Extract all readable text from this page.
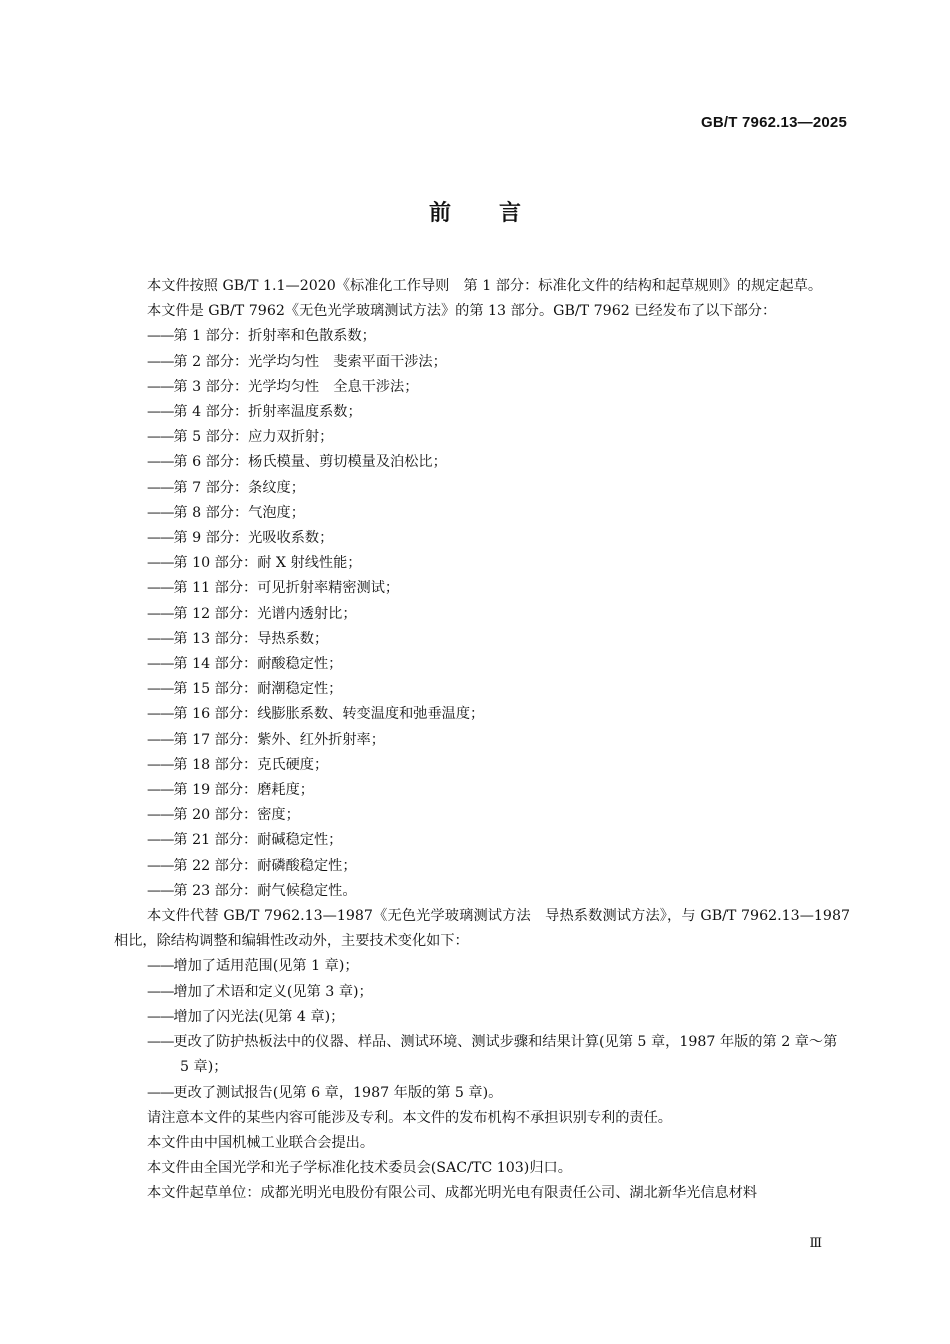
GB/T 7962.13—2025
前 言

本文件按照 GB/T 1.1—2020《标准化工作导则　第 1 部分：标准化文件的结构和起草规则》的规定起草。

本文件是 GB/T 7962《无色光学玻璃测试方法》的第 13 部分。GB/T 7962 已经发布了以下部分：

—— 第 1 部分：折射率和色散系数；

—— 第 2 部分：光学均匀性　斐索平面干涉法；

—— 第 3 部分：光学均匀性　全息干涉法；

—— 第 4 部分：折射率温度系数；

—— 第 5 部分：应力双折射；

—— 第 6 部分：杨氏模量、剪切模量及泊松比；

—— 第 7 部分：条纹度；

—— 第 8 部分：气泡度；

—— 第 9 部分：光吸收系数；

—— 第 10 部分：耐 X 射线性能；

—— 第 11 部分：可见折射率精密测试；

—— 第 12 部分：光谱内透射比；

—— 第 13 部分：导热系数；

—— 第 14 部分：耐酸稳定性；

—— 第 15 部分：耐潮稳定性；

—— 第 16 部分：线膨胀系数、转变温度和弛垂温度；

—— 第 17 部分：紫外、红外折射率；

—— 第 18 部分：克氏硬度；

—— 第 19 部分：磨耗度；

—— 第 20 部分：密度；

—— 第 21 部分：耐碱稳定性；

—— 第 22 部分：耐磷酸稳定性；

—— 第 23 部分：耐气候稳定性。

本文件代替 GB/T 7962.13—1987《无色光学玻璃测试方法　导热系数测试方法》，与 GB/T 7962.13—1987 相比，除结构调整和编辑性改动外，主要技术变化如下：

—— 增加了适用范围(见第 1 章)；

—— 增加了术语和定义(见第 3 章)；

—— 增加了闪光法(见第 4 章)；

—— 更改了防护热板法中的仪器、样品、测试环境、测试步骤和结果计算(见第 5 章，1987 年版的第 2 章～第 5 章)；

—— 更改了测试报告(见第 6 章，1987 年版的第 5 章)。

请注意本文件的某些内容可能涉及专利。本文件的发布机构不承担识别专利的责任。

本文件由中国机械工业联合会提出。

本文件由全国光学和光子学标准化技术委员会(SAC/TC 103)归口。

本文件起草单位：成都光明光电股份有限公司、成都光明光电有限责任公司、湖北新华光信息材料

Ⅲ
